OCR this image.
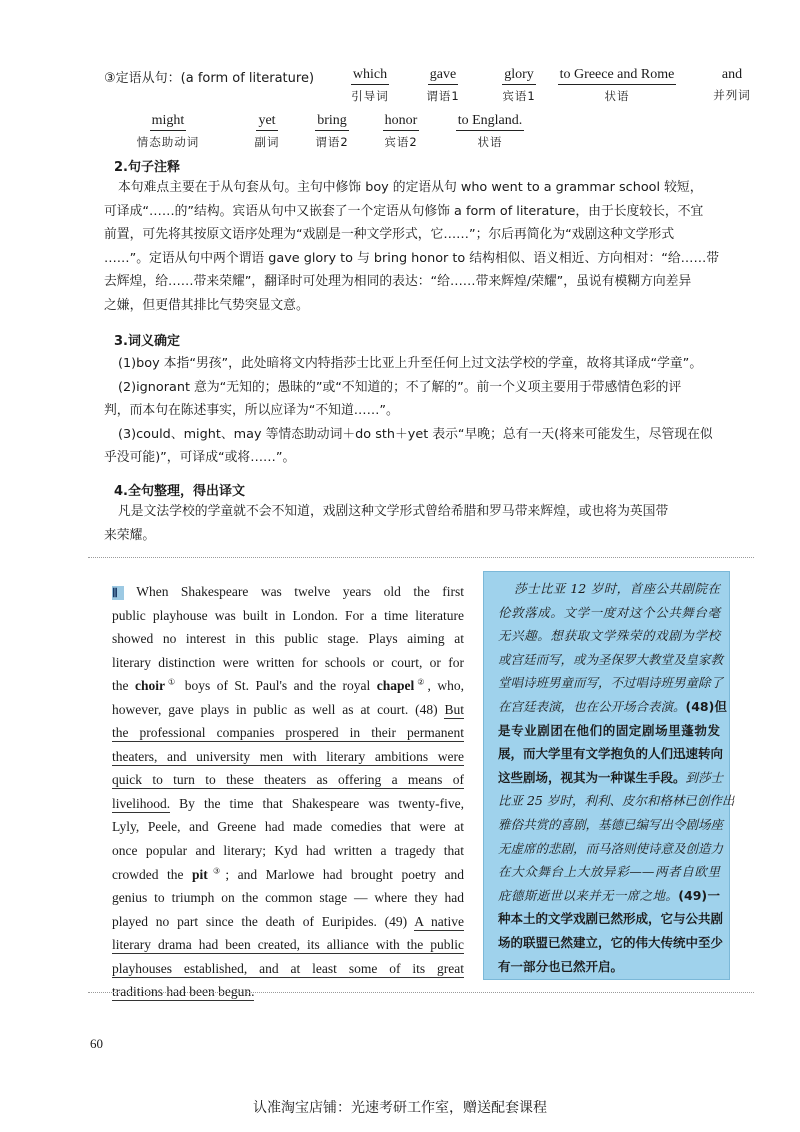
③定语从句：(a form of literature)	which
引导词
gave
谓语1
glory
宾语1
to Greece and Rome
状语
and
并列词
might
情态助动词
yet
副词
bring
谓语2
honor
宾语2
to England.
状语
2.句子注释
本句难点主要在于从句套从句。主句中修饰 boy 的定语从句 who went to a grammar school 较短，
可译成“……的”结构。宾语从句中又嵌套了一个定语从句修饰 a form of literature，由于长度较长，不宜
前置，可先将其按原文语序处理为“戏剧是一种文学形式，它……”；尔后再简化为“戏剧这种文学形式
……”。定语从句中两个谓语 gave glory to 与 bring honor to 结构相似、语义相近、方向相对：“给……带
去辉煌，给……带来荣耀”，翻译时可处理为相同的表达：“给……带来辉煌/荣耀”，虽说有模糊方向差异
之嫌，但更借其排比气势突显文意。
3.词义确定
(1)boy 本指“男孩”，此处暗将文内特指莎士比亚上升至任何上过文法学校的学童，故将其译成“学童”。
(2)ignorant 意为“无知的；愚昧的”或“不知道的；不了解的”。前一个义项主要用于带感情色彩的评
判，而本句在陈述事实，所以应译为“不知道……”。
(3)could、might、may 等情态助动词＋do sth＋yet 表示“早晚；总有一天(将来可能发生，尽管现在似
乎没可能)”，可译成“或将……”。
4.全句整理，得出译文
凡是文法学校的学童就不会不知道，戏剧这种文学形式曾给希腊和罗马带来辉煌，或也将为英国带
来荣耀。
Ⅱ When Shakespeare was twelve years old the first
public playhouse was built in London. For a time literature
showed no interest in this public stage. Plays aiming at
literary distinction were written for schools or court, or for
the choir① boys of St. Paul's and the royal chapel②, who,
however, gave plays in public as well as at court. (48) But
the professional companies prospered in their permanent
theaters, and university men with literary ambitions were
quick to turn to these theaters as offering a means of
livelihood. By the time that Shakespeare was twenty-five,
Lyly, Peele, and Greene had made comedies that were at
once popular and literary; Kyd had written a tragedy that
crowded the pit③; and Marlowe had brought poetry and
genius to triumph on the common stage — where they had
played no part since the death of Euripides. (49) A native
literary drama had been created, its alliance with the public
playhouses established, and at least some of its great
traditions had been begun.
莎士比亚 12 岁时，首座公共剧院在
伦敦落成。文学一度对这个公共舞台毫
无兴趣。想获取文学殊荣的戏剧为学校
或宫廷而写，或为圣保罗大教堂及皇家教
堂唱诗班男童而写，不过唱诗班男童除了
在宫廷表演，也在公开场合表演。(48)但
是专业剧团在他们的固定剧场里蓬勃发
展，而大学里有文学抱负的人们迅速转向
这些剧场，视其为一种谋生手段。到莎士
比亚 25 岁时，利利、皮尔和格林已创作出
雅俗共赏的喜剧，基德已编写出令剧场座
无虚席的悲剧，而马洛则使诗意及创造力
在大众舞台上大放异彩——两者自欧里
庇德斯逝世以来并无一席之地。(49)一
种本土的文学戏剧已然形成，它与公共剧
场的联盟已然建立，它的伟大传统中至少
有一部分也已然开启。
60
认准淘宝店铺：光速考研工作室，赠送配套课程
